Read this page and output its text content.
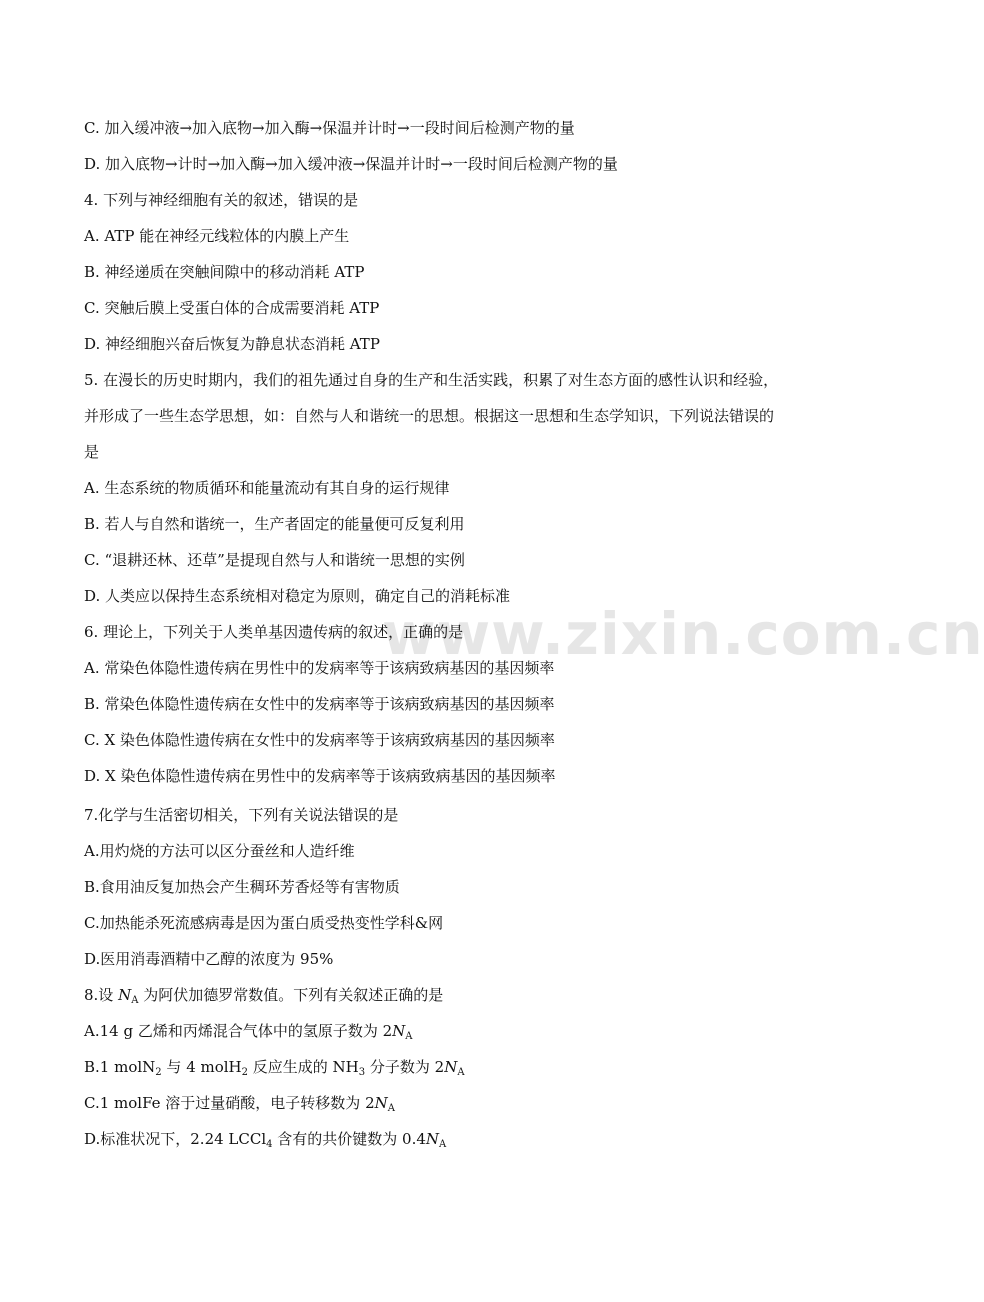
www.zixin.com.cn
C. 加入缓冲液→加入底物→加入酶→保温并计时→一段时间后检测产物的量
D. 加入底物→计时→加入酶→加入缓冲液→保温并计时→一段时间后检测产物的量
4. 下列与神经细胞有关的叙述，错误的是
A. ATP 能在神经元线粒体的内膜上产生
B. 神经递质在突触间隙中的移动消耗 ATP
C. 突触后膜上受蛋白体的合成需要消耗 ATP
D. 神经细胞兴奋后恢复为静息状态消耗 ATP
5. 在漫长的历史时期内，我们的祖先通过自身的生产和生活实践，积累了对生态方面的感性认识和经验，
并形成了一些生态学思想，如：自然与人和谐统一的思想。根据这一思想和生态学知识，下列说法错误的
是
A. 生态系统的物质循环和能量流动有其自身的运行规律
B. 若人与自然和谐统一，生产者固定的能量便可反复利用
C. “退耕还林、还草”是提现自然与人和谐统一思想的实例
D. 人类应以保持生态系统相对稳定为原则，确定自己的消耗标准
6. 理论上，下列关于人类单基因遗传病的叙述，正确的是
A. 常染色体隐性遗传病在男性中的发病率等于该病致病基因的基因频率
B. 常染色体隐性遗传病在女性中的发病率等于该病致病基因的基因频率
C. X 染色体隐性遗传病在女性中的发病率等于该病致病基因的基因频率
D. X 染色体隐性遗传病在男性中的发病率等于该病致病基因的基因频率
7.化学与生活密切相关，下列有关说法错误的是
A.用灼烧的方法可以区分蚕丝和人造纤维
B.食用油反复加热会产生稠环芳香烃等有害物质
C.加热能杀死流感病毒是因为蛋白质受热变性学科&网
D.医用消毒酒精中乙醇的浓度为 95%
8.设 $N_A$ 为阿伏加德罗常数值。下列有关叙述正确的是
A.14 g 乙烯和丙烯混合气体中的氢原子数为 $2N_A$
B.1 molN$_2$ 与 4 molH$_2$ 反应生成的 $NH_3$ 分子数为 $2N_A$
C.1 molFe 溶于过量硝酸，电子转移数为 $2N_A$
D.标准状况下，2.24 LCCl$_4$ 含有的共价键数为 $0.4N_A$
